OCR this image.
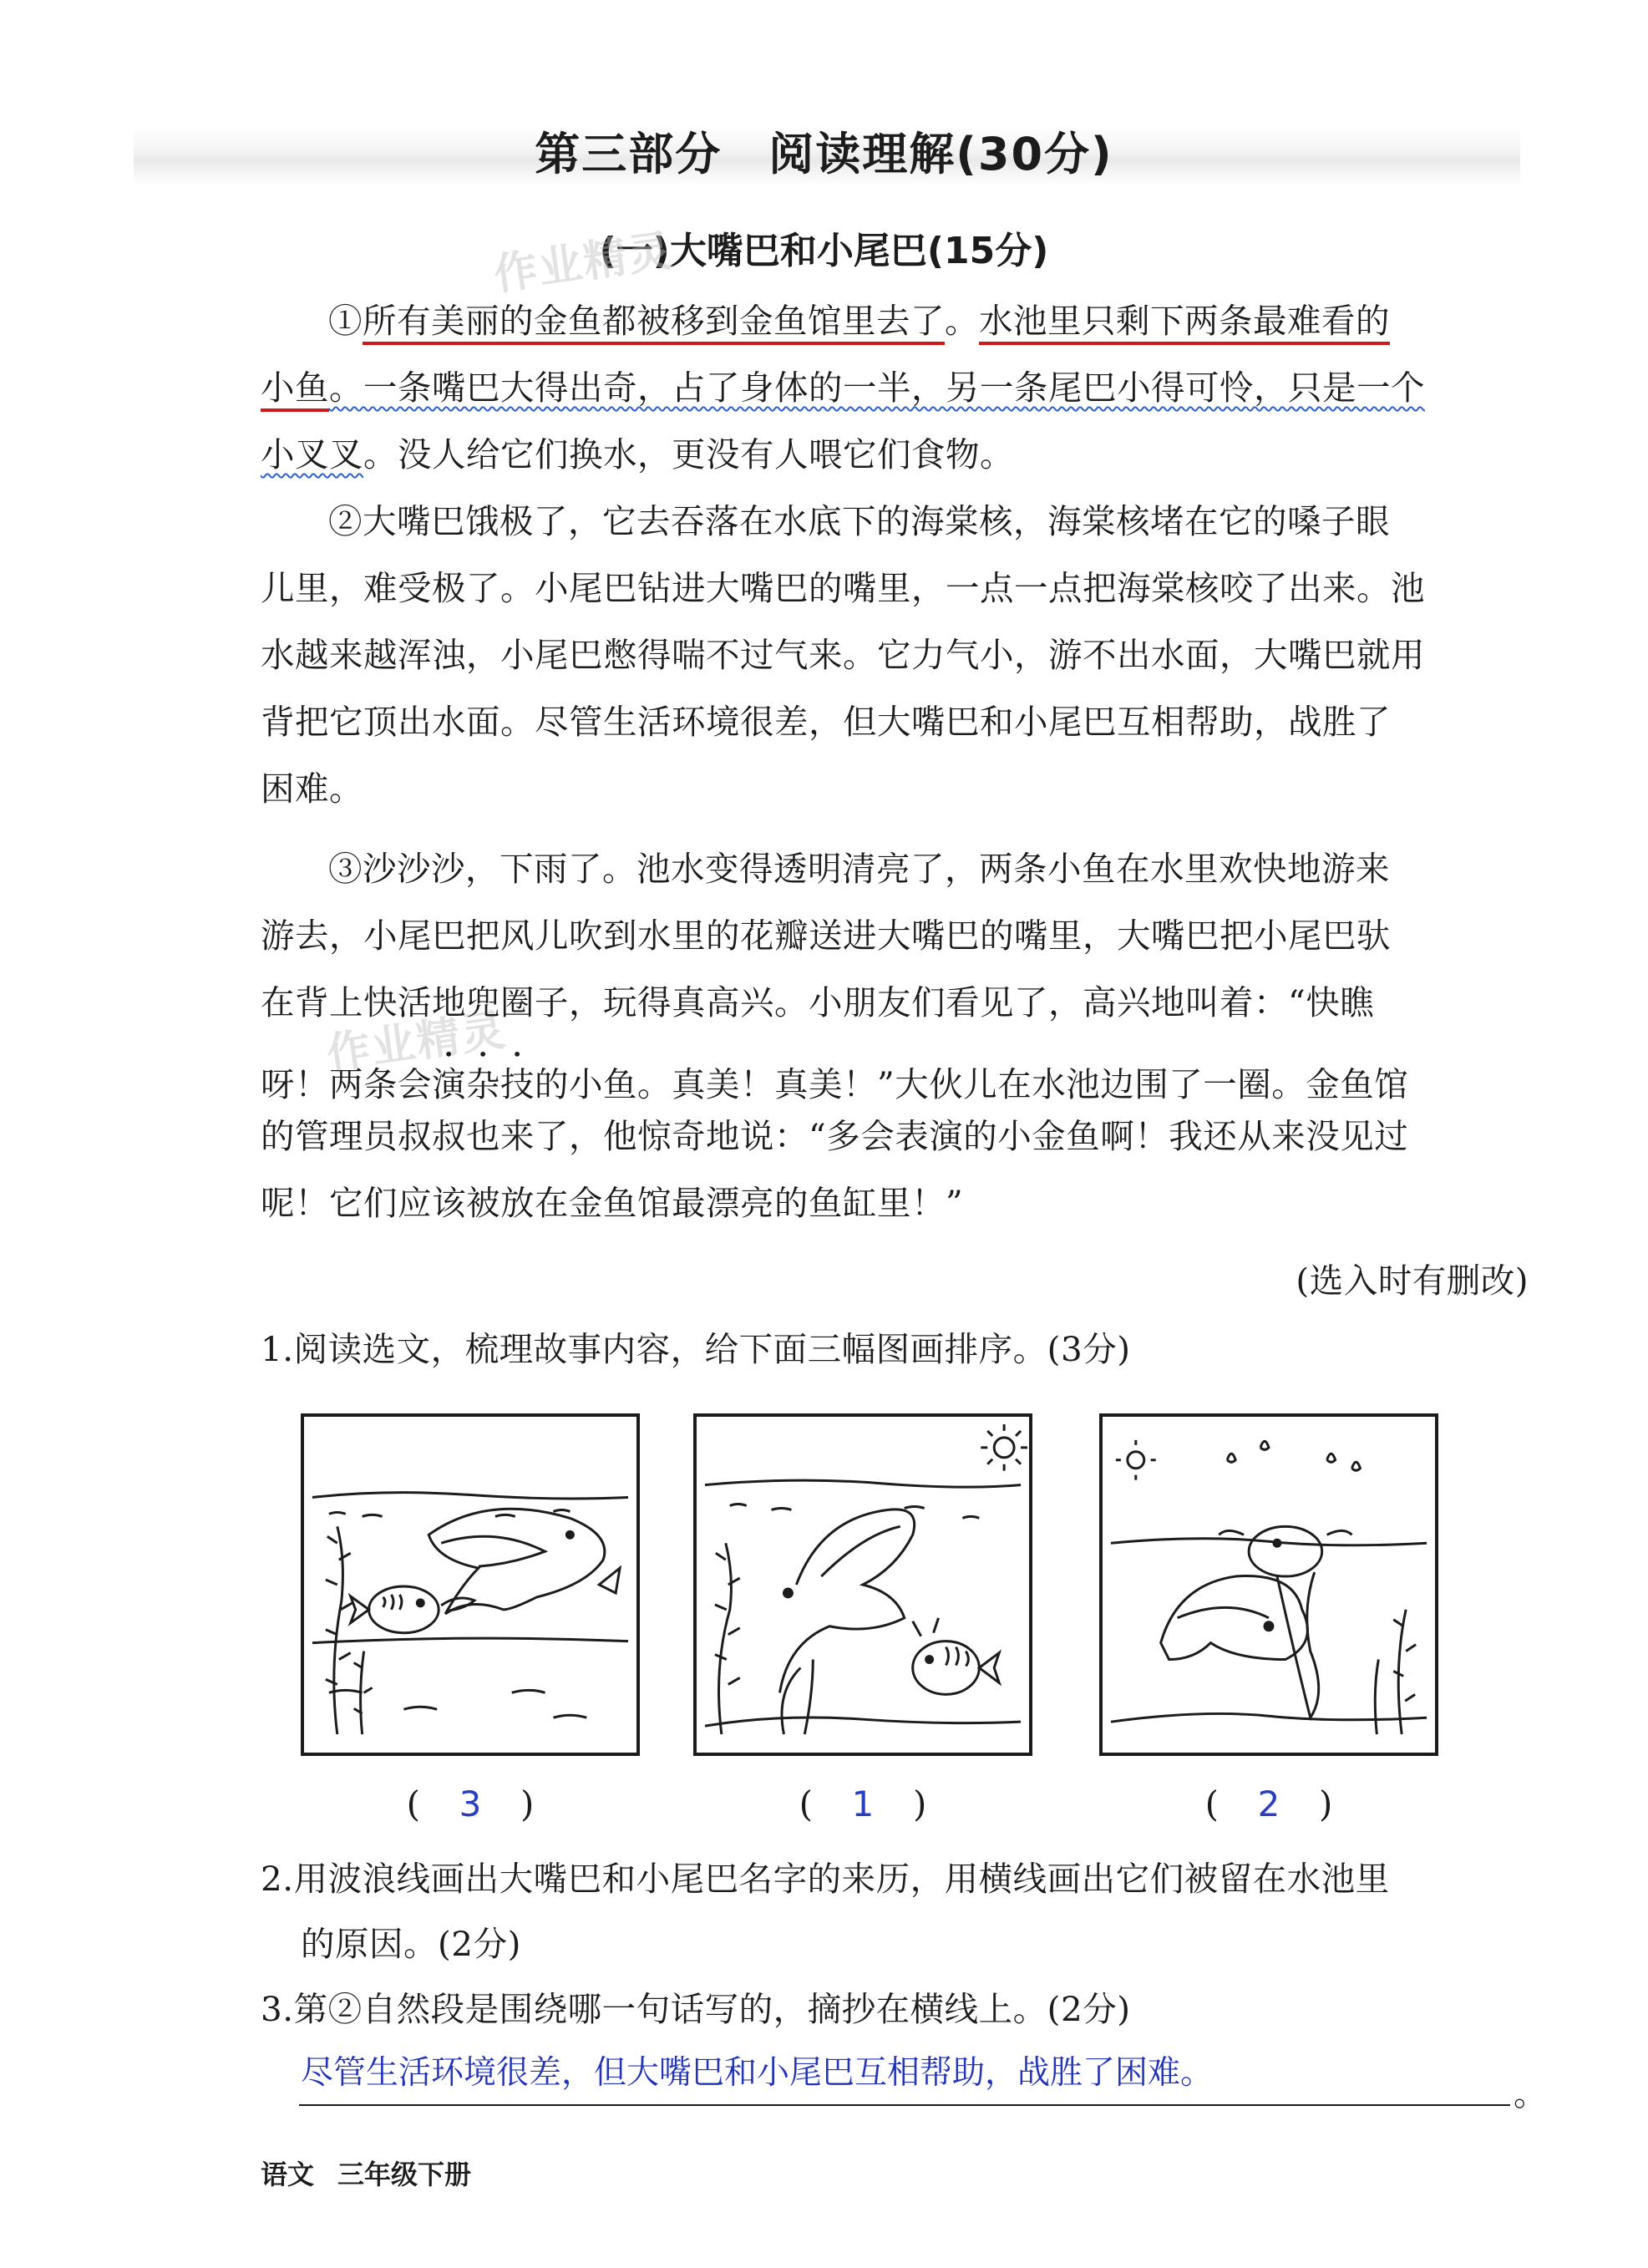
第三部分　阅读理解(30分)
(一)大嘴巴和小尾巴(15分)
作业精灵
作业精灵
①所有美丽的金鱼都被移到金鱼馆里去了。水池里只剩下两条最难看的
小鱼。一条嘴巴大得出奇，占了身体的一半，另一条尾巴小得可怜，只是一个
小叉叉。没人给它们换水，更没有人喂它们食物。
②大嘴巴饿极了，它去吞落在水底下的海棠核，海棠核堵在它的嗓子眼
儿里，难受极了。小尾巴钻进大嘴巴的嘴里，一点一点把海棠核咬了出来。池
水越来越浑浊，小尾巴憋得喘不过气来。它力气小，游不出水面，大嘴巴就用
背把它顶出水面。尽管生活环境很差，但大嘴巴和小尾巴互相帮助，战胜了
困难。
③沙沙沙，下雨了。池水变得透明清亮了，两条小鱼在水里欢快地游来
游去，小尾巴把风儿吹到水里的花瓣送进大嘴巴的嘴里，大嘴巴把小尾巴驮
在背上快活地兜圈子，玩得真高兴。小朋友们看见了，高兴地叫着：“快瞧
呀！两条会演杂技的小鱼。真美！真美！”大伙儿在水池边围了一圈。金鱼馆
的管理员叔叔也来了，他惊奇地说：“多会表演的小金鱼啊！我还从来没见过
呢！它们应该被放在金鱼馆最漂亮的鱼缸里！”
(选入时有删改)
1.阅读选文，梳理故事内容，给下面三幅图画排序。(3分)
( 3 )	( 1 )	( 2 )
2.用波浪线画出大嘴巴和小尾巴名字的来历，用横线画出它们被留在水池里
的原因。(2分)
3.第②自然段是围绕哪一句话写的，摘抄在横线上。(2分)
尽管生活环境很差，但大嘴巴和小尾巴互相帮助，战胜了困难。
。
语文 三年级下册
